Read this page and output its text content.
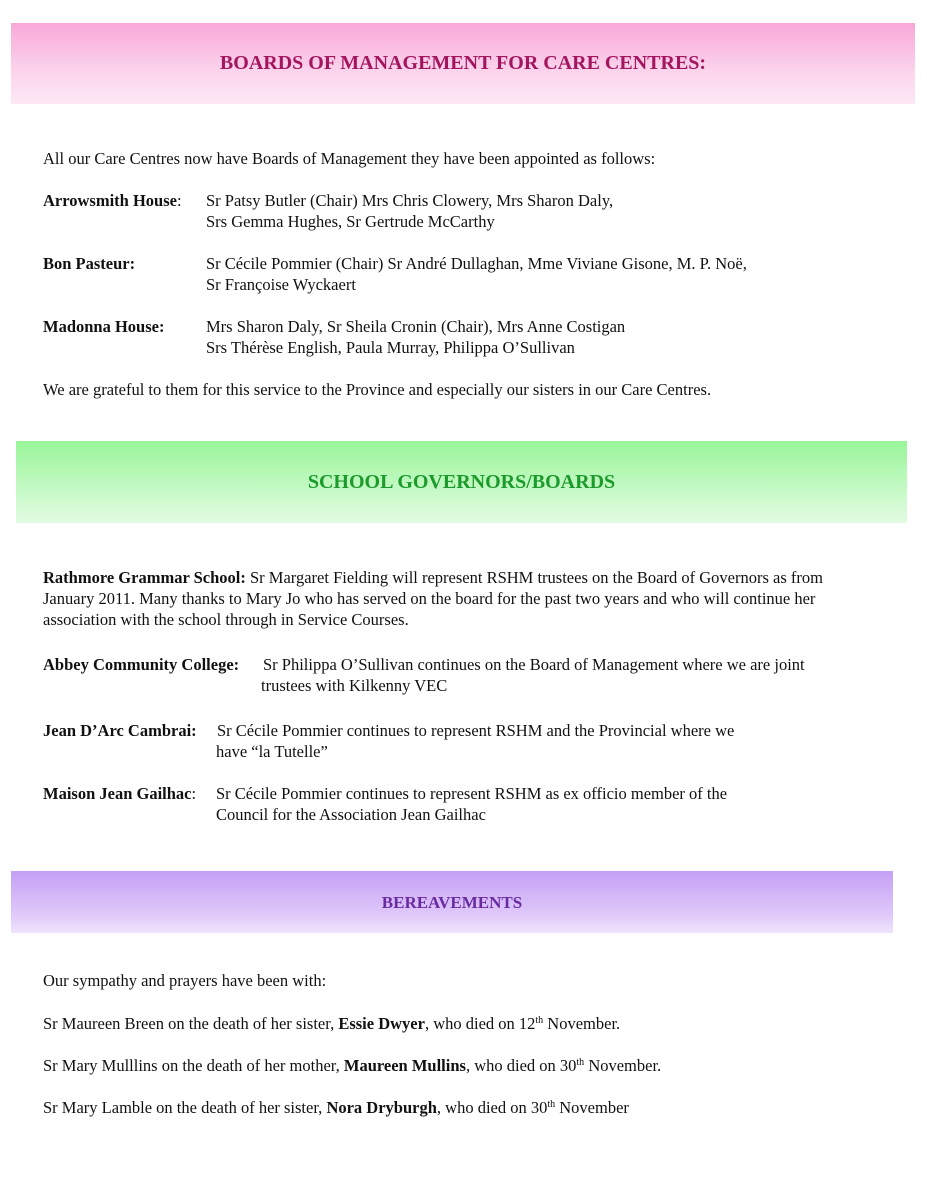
BOARDS OF MANAGEMENT FOR CARE CENTRES:

All our Care Centres now have Boards of Management they have been appointed as follows:

Arrowsmith House: Sr Patsy Butler (Chair) Mrs Chris Clowery, Mrs Sharon Daly,
Srs Gemma Hughes, Sr Gertrude McCarthy
Bon Pasteur:	Sr Cécile Pommier (Chair) Sr André Dullaghan, Mme Viviane Gisone, M. P. Noë,
Sr Françoise Wyckaert
Madonna House:	Mrs Sharon Daly, Sr Sheila Cronin (Chair), Mrs Anne Costigan
Srs Thérèse English, Paula Murray, Philippa O’Sullivan

We are grateful to them for this service to the Province and especially our sisters in our Care Centres.

SCHOOL GOVERNORS/BOARDS

Rathmore Grammar School: Sr Margaret Fielding will represent RSHM trustees on the Board of Governors as from January 2011. Many thanks to Mary Jo who has served on the board for the past two years and who will continue her association with the school through in Service Courses.

Abbey Community College: Sr Philippa O’Sullivan continues on the Board of Management where we are joint
trustees with Kilkenny VEC
Jean D’Arc Cambrai: Sr Cécile Pommier continues to represent RSHM and the Provincial where we
have “la Tutelle”
Maison Jean Gailhac: Sr Cécile Pommier continues to represent RSHM as ex officio member of the
Council for the Association Jean Gailhac
BEREAVEMENTS

Our sympathy and prayers have been with:

Sr Maureen Breen on the death of her sister, Essie Dwyer, who died on 12th November.

Sr Mary Mulllins on the death of her mother, Maureen Mullins, who died on 30th November.

Sr Mary Lamble on the death of her sister, Nora Dryburgh, who died on 30th November
